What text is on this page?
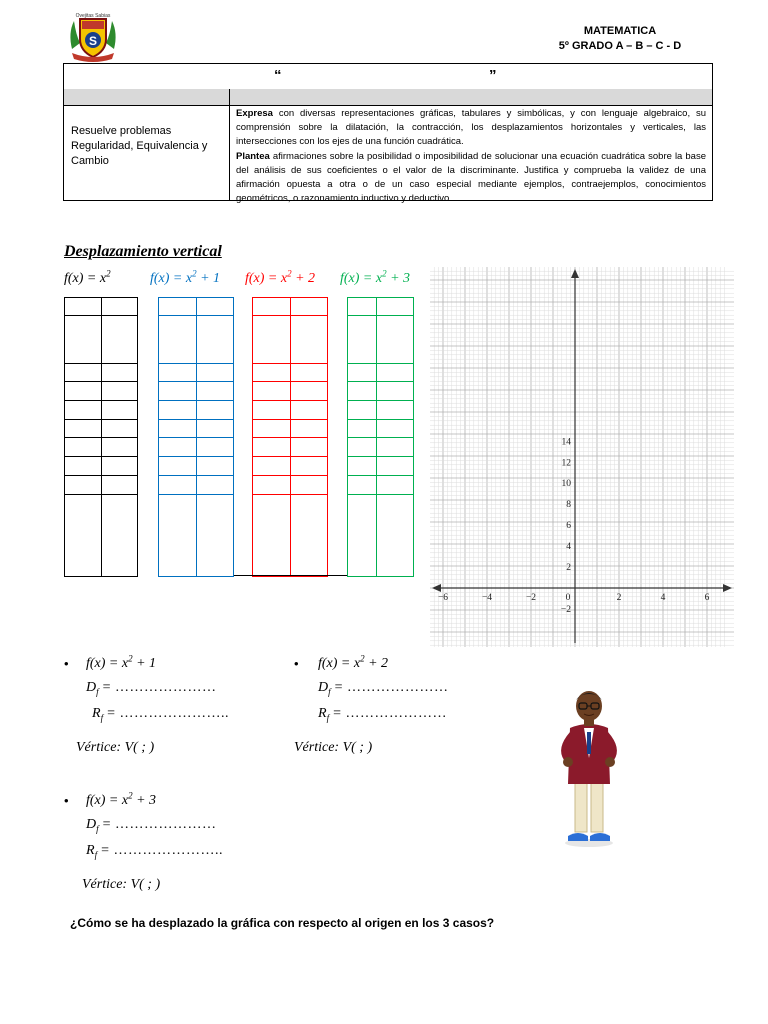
S
Ovejitas Sabias
MATEMATICA
5º GRADO A – B – C - D
“	”
Resuelve problemas Regularidad, Equivalencia y Cambio
Expresa con diversas representaciones gráficas, tabulares y simbólicas, y con lenguaje algebraico, su comprensión sobre la dilatación, la contracción, los desplazamientos horizontales y verticales, las intersecciones con los ejes de una función cuadrática.
Plantea afirmaciones sobre la posibilidad o imposibilidad de solucionar una ecuación cuadrática sobre la base del análisis de sus coeficientes o el valor de la discriminante. Justifica y comprueba la validez de una afirmación opuesta a otra o de un caso especial mediante ejemplos, contraejemplos, conocimientos geométricos, o razonamiento inductivo y deductivo.
Desplazamiento vertical
$f(x) = x^2$	$f(x) = x^2 + 1$ $f(x) = x^2 + 2$ $f(x) = x^2 + 3$
−6	−4	−2	0	2	4	6
14
12
10
8
6
4
2
−2
• $f(x) = x^2 + 1$
$D_f$ = …………………
$R_f$ = …………………..
Vértice: V( ; )
• $f(x) = x^2 + 2$
$D_f$ = …………………
$R_f$ = …………………
Vértice: V( ; )
• $f(x) = x^2 + 3$
$D_f$ = …………………
$R_f$ = …………………..
Vértice: V( ; )
¿Cómo se ha desplazado la gráfica con respecto al origen en los 3 casos?
